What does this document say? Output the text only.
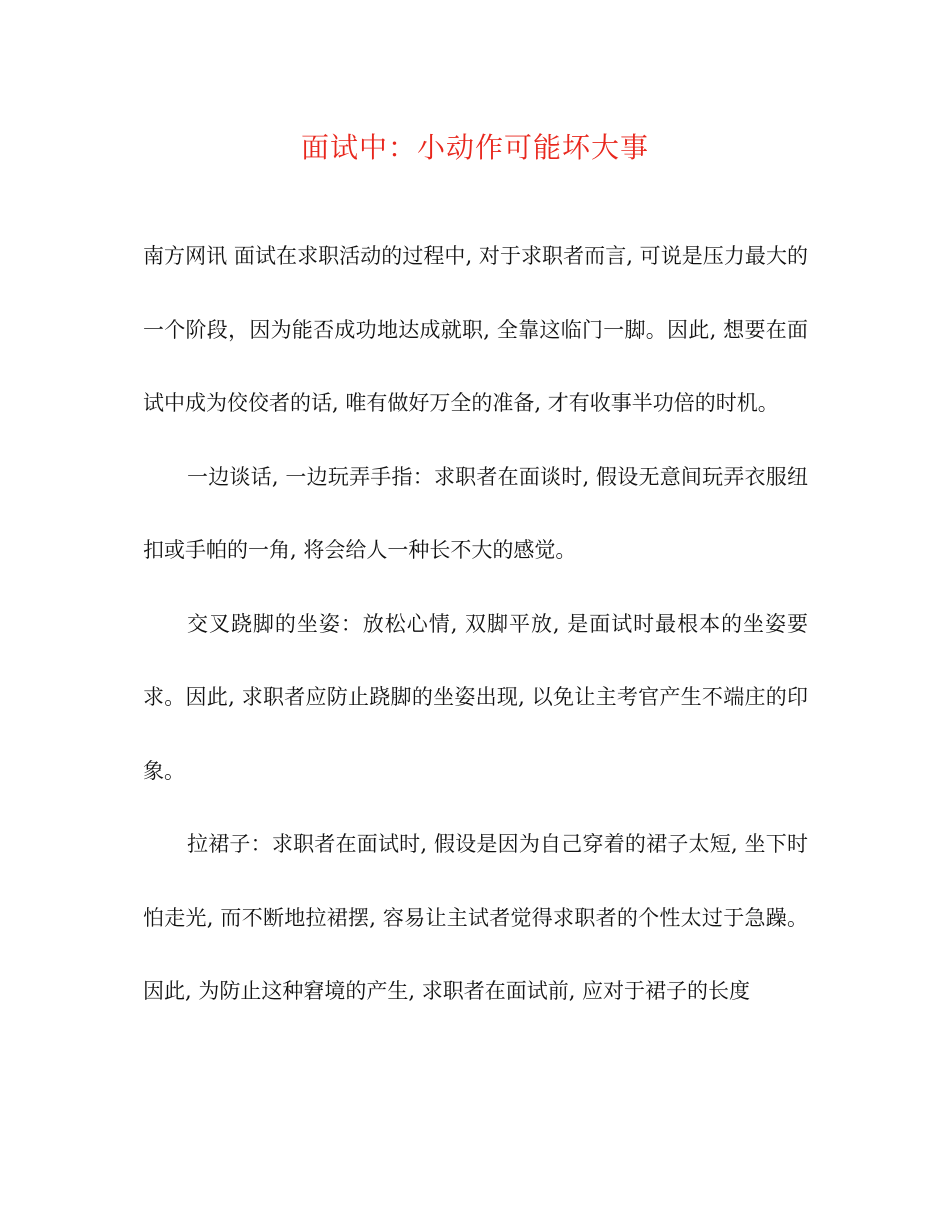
面试中：小动作可能坏大事

南方网讯 面试在求职活动的过程中, 对于求职者而言, 可说是压力最大的一个阶段，因为能否成功地达成就职, 全靠这临门一脚。因此, 想要在面试中成为佼佼者的话, 唯有做好万全的准备, 才有收事半功倍的时机。

一边谈话, 一边玩弄手指：求职者在面谈时, 假设无意间玩弄衣服纽扣或手帕的一角, 将会给人一种长不大的感觉。

交叉跷脚的坐姿：放松心情, 双脚平放, 是面试时最根本的坐姿要求。因此, 求职者应防止跷脚的坐姿出现, 以免让主考官产生不端庄的印象。

拉裙子：求职者在面试时, 假设是因为自己穿着的裙子太短, 坐下时怕走光, 而不断地拉裙摆, 容易让主试者觉得求职者的个性太过于急躁。因此, 为防止这种窘境的产生, 求职者在面试前, 应对于裙子的长度
